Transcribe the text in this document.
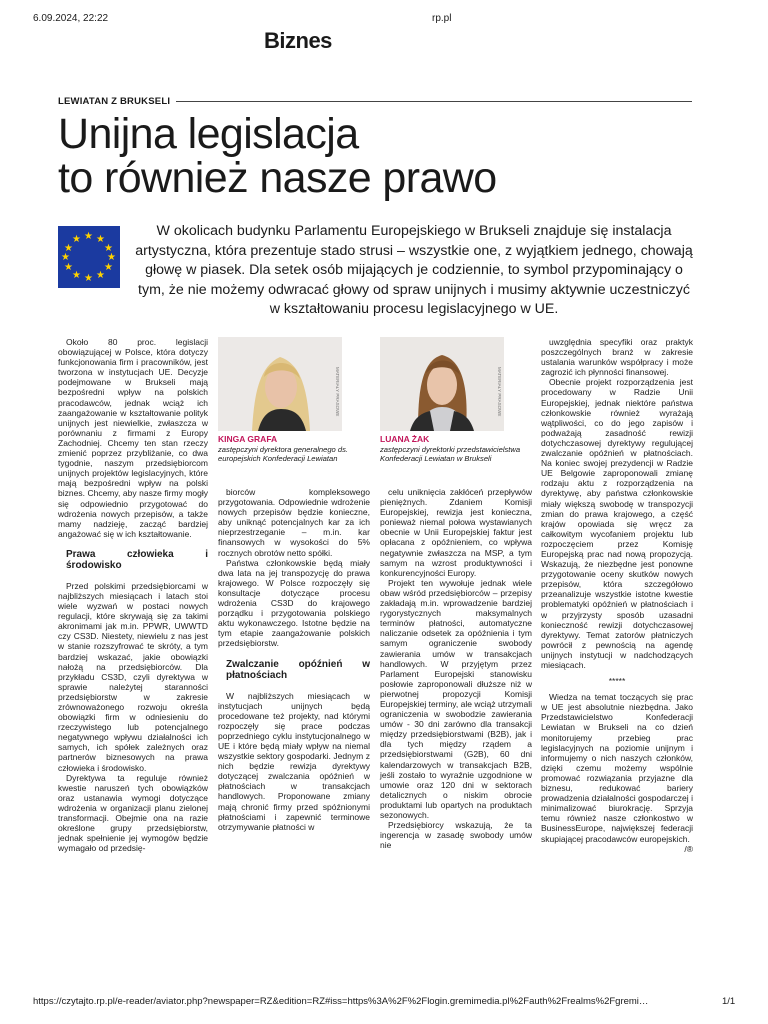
6.09.2024, 22:22	rp.pl
Biznes
LEWIATAN Z BRUKSELI
Unijna legislacja
to również nasze prawo
★ ★
★
★
★
★
★
★
★
★
★
★
W okolicach budynku Parlamentu Europejskiego w Brukseli znajduje się instalacja artystyczna, która prezentuje stado strusi – wszystkie one, z wyjątkiem jednego, chowają głowę w piasek. Dla setek osób mijających je codziennie, to symbol przypominający o tym, że nie możemy odwracać głowy od spraw unijnych i musimy aktywnie uczestniczyć w kształtowaniu procesu legislacyjnego w UE.

Około 80 proc. legislacji obowiązującej w Polsce, która dotyczy funkcjonowania firm i pracowników, jest tworzona w instytucjach UE. Decyzje podejmowane w Brukseli mają bezpośredni wpływ na polskich pracodawców, jednak wciąż ich zaangażowanie w kształtowanie polityk unijnych jest niewielkie, zwłaszcza w porównaniu z firmami z Europy Zachodniej. Chcemy ten stan rzeczy zmienić poprzez przybliżanie, co dwa tygodnie, naszym przedsiębiorcom unijnych projektów legislacyjnych, które mają bezpośredni wpływ na polski biznes. Chcemy, aby nasze firmy mogły się odpowiednio przygotować do wdrożenia nowych przepisów, a także mamy nadzieję, zacząć bardziej angażować się w ich kształtowanie.

Prawa człowieka i środowisko

Przed polskimi przedsiębiorcami w najbliższych miesiącach i latach stoi wiele wyzwań w postaci nowych regulacji, które skrywają się za takimi akronimami jak m.in. PPWR, UWWTD czy CS3D. Niestety, niewielu z nas jest w stanie rozszyfrować te skróty, a tym bardziej wskazać, jakie obowiązki nałożą na przedsiębiorców. Dla przykładu CS3D, czyli dyrektywa w sprawie należytej staranności przedsiębiorstw w zakresie zrównoważonego rozwoju określa obowiązki firm w odniesieniu do rzeczywistego lub potencjalnego negatywnego wpływu działalności ich samych, ich spółek zależnych oraz partnerów biznesowych na prawa człowieka i środowisko.

Dyrektywa ta reguluje również kwestie naruszeń tych obowiązków oraz ustanawia wymogi dotyczące wdrożenia w organizacji planu zielonej transformacji. Obejmie ona na razie określone grupy przedsiębiorstw, jednak spełnienie jej wymogów będzie wymagało od przedsię-

MATERIAŁY PRASOWE
KINGA GRAFA
zastępczyni dyrektora generalnego ds. europejskich Konfederacji Lewiatan
MATERIAŁY PRASOWE
LUANA ŻAK
zastępczyni dyrektorki przedstawicielstwa Konfederacji Lewiatan w Brukseli

biorców kompleksowego przygotowania. Odpowiednie wdrożenie nowych przepisów będzie konieczne, aby uniknąć potencjalnych kar za ich nieprzestrzeganie – m.in. kar finansowych w wysokości do 5% rocznych obrotów netto spółki.

Państwa członkowskie będą miały dwa lata na jej transpozycję do prawa krajowego. W Polsce rozpoczęły się konsultacje dotyczące procesu wdrożenia CS3D do krajowego porządku i przygotowania polskiego aktu wykonawczego. Istotne będzie na tym etapie zaangażowanie polskich przedsiębiorstw.

Zwalczanie opóźnień w płatnościach

W najbliższych miesiącach w instytucjach unijnych będą procedowane też projekty, nad którymi rozpoczęły się prace podczas poprzedniego cyklu instytucjonalnego w UE i które będą miały wpływ na niemal wszystkie sektory gospodarki. Jednym z nich będzie rewizja dyrektywy dotyczącej zwalczania opóźnień w płatnościach w transakcjach handlowych. Proponowane zmiany mają chronić firmy przed spóźnionymi płatnościami i zapewnić terminowe otrzymywanie płatności w

celu uniknięcia zakłóceń przepływów pieniężnych. Zdaniem Komisji Europejskiej, rewizja jest konieczna, ponieważ niemal połowa wystawianych obecnie w Unii Europejskiej faktur jest opłacana z opóźnieniem, co wpływa negatywnie zwłaszcza na MSP, a tym samym na wzrost produktywności i konkurencyjności Europy.

Projekt ten wywołuje jednak wiele obaw wśród przedsiębiorców – przepisy zakładają m.in. wprowadzenie bardziej rygorystycznych maksymalnych terminów płatności, automatyczne naliczanie odsetek za opóźnienia i tym samym ograniczenie swobody zawierania umów w transakcjach handlowych. W przyjętym przez Parlament Europejski stanowisku posłowie zaproponowali dłuższe niż w pierwotnej propozycji Komisji Europejskiej terminy, ale wciąż utrzymali ograniczenia w swobodzie zawierania umów - 30 dni zarówno dla transakcji między przedsiębiorstwami (B2B), jak i dla tych między rządem a przedsiębiorstwami (G2B), 60 dni kalendarzowych w transakcjach B2B, jeśli zostało to wyraźnie uzgodnione w umowie oraz 120 dni w sektorach detalicznych o niskim obrocie produktami lub opartych na produktach sezonowych.

Przedsiębiorcy wskazują, że ta ingerencja w zasadę swobody umów nie

uwzględnia specyfiki oraz praktyk poszczególnych branż w zakresie ustalania warunków współpracy i może zagrozić ich płynności finansowej.

Obecnie projekt rozporządzenia jest procedowany w Radzie Unii Europejskiej, jednak niektóre państwa członkowskie również wyrażają wątpliwości, co do jego zapisów i podważają zasadność rewizji dotychczasowej dyrektywy regulującej zwalczanie opóźnień w płatnościach. Na koniec swojej prezydencji w Radzie UE Belgowie zaproponowali zmianę rodzaju aktu z rozporządzenia na dyrektywę, aby państwa członkowskie miały większą swobodę w transpozycji zmian do prawa krajowego, a część krajów opowiada się wręcz za całkowitym wycofaniem projektu lub rozpoczęciem przez Komisję Europejską prac nad nową propozycją. Wskazują, że niezbędne jest ponowne przygotowanie oceny skutków nowych przepisów, która szczegółowo przeanalizuje wszystkie istotne kwestie problematyki opóźnień w płatnościach i w przyjrzysty sposób uzasadni konieczność rewizji dotychczasowej dyrektywy. Temat zatorów płatniczych powrócił z pewnością na agendę unijnych instytucji w nadchodzących miesiącach.

*****

Wiedza na temat toczących się prac w UE jest absolutnie niezbędna. Jako Przedstawicielstwo Konfederacji Lewiatan w Brukseli na co dzień monitorujemy przebieg prac legislacyjnych na poziomie unijnym i informujemy o nich naszych członków, dzięki czemu możemy wspólnie promować rozwiązania przyjazne dla biznesu, redukować bariery prowadzenia działalności gospodarczej i minimalizować biurokrację. Sprzyja temu również nasze członkostwo w BusinessEurope, największej federacji skupiającej pracodawców europejskich.

/®
https://czytajto.rp.pl/e-reader/aviator.php?newspaper=RZ&edition=RZ#iss=https%3A%2F%2Flogin.gremimedia.pl%2Fauth%2Frealms%2Fgremi…	1/1
